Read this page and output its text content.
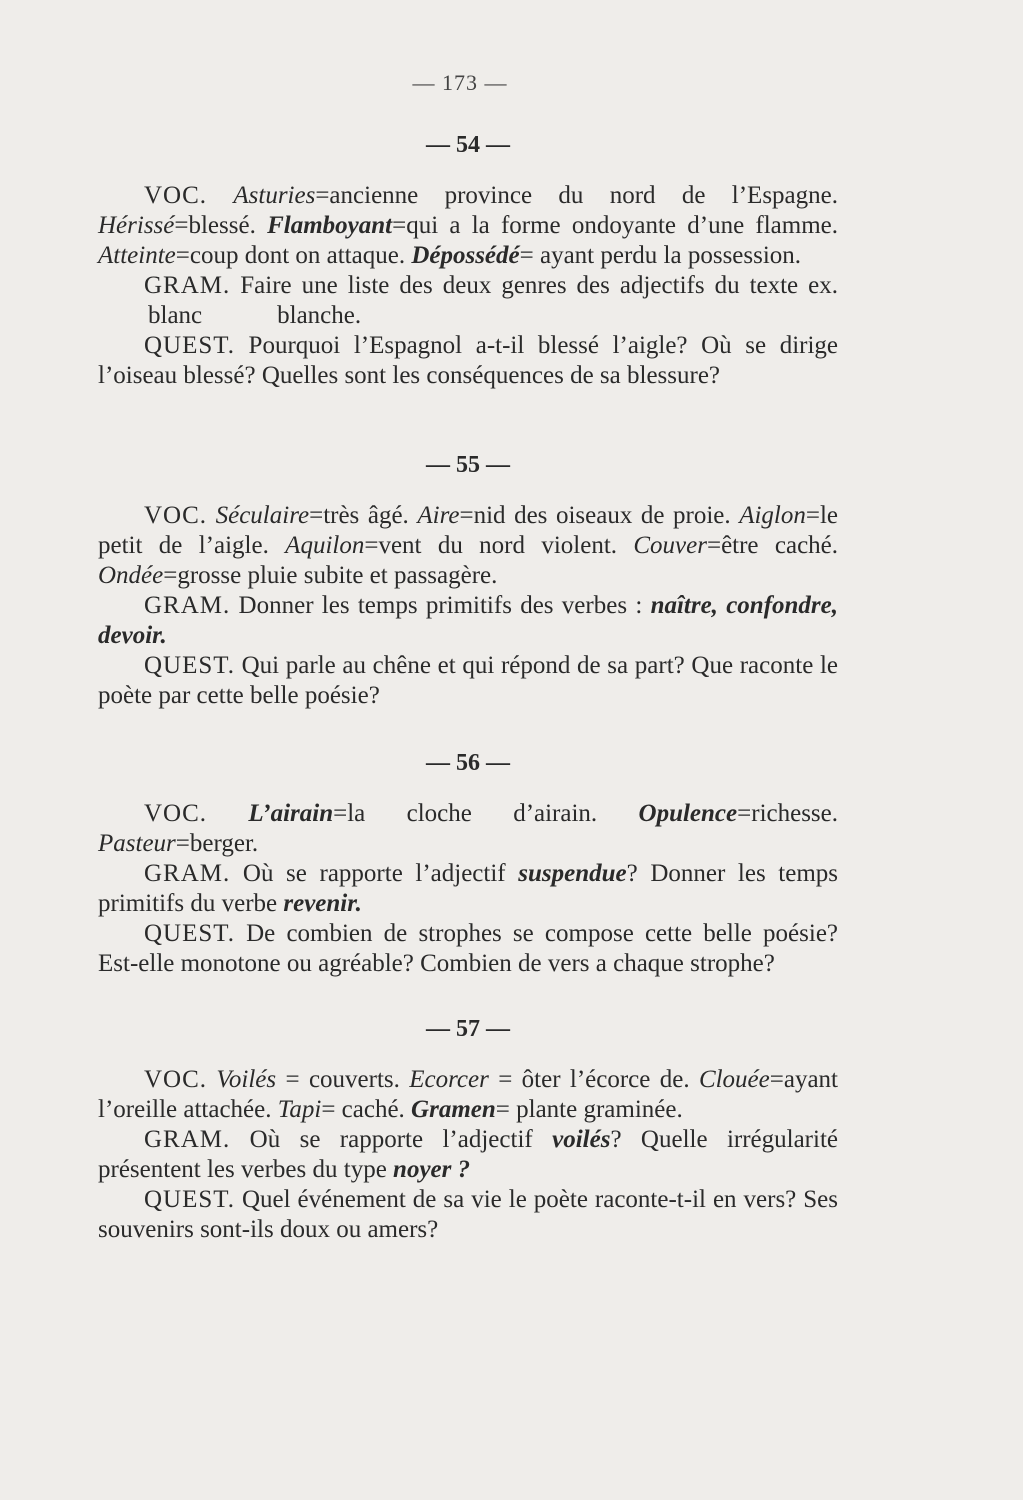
— 173 —
— 54 —

VOC. Asturies=ancienne province du nord de l’Espagne. Hérissé=blessé. Flamboyant=qui a la forme ondoyante d’une flamme. Atteinte=coup dont on attaque. Dépossédé= ayant perdu la possession.

GRAM. Faire une liste des deux genres des adjectifs du texte ex.         blanc	blanche.

QUEST. Pourquoi l’Espagnol a-t-il blessé l’aigle? Où se dirige l’oiseau blessé? Quelles sont les conséquences de sa blessure?

— 55 —

VOC. Séculaire=très âgé. Aire=nid des oiseaux de proie. Aiglon=le petit de l’aigle. Aquilon=vent du nord violent. Couver=être caché. Ondée=grosse pluie subite et passagère.

GRAM. Donner les temps primitifs des verbes : naître, confondre, devoir.

QUEST. Qui parle au chêne et qui répond de sa part? Que raconte le poète par cette belle poésie?

— 56 —

VOC. L’airain=la cloche d’airain. Opulence=richesse. Pasteur=berger.

GRAM. Où se rapporte l’adjectif suspendue? Donner les temps primitifs du verbe revenir.

QUEST. De combien de strophes se compose cette belle poésie? Est-elle monotone ou agréable? Combien de vers a chaque strophe?

— 57 —

VOC. Voilés = couverts. Ecorcer = ôter l’écorce de. Clouée=ayant l’oreille attachée. Tapi= caché. Gramen= plante graminée.

GRAM. Où se rapporte l’adjectif voilés? Quelle irrégularité présentent les verbes du type noyer ?

QUEST. Quel événement de sa vie le poète raconte-t-il en vers? Ses souvenirs sont-ils doux ou amers?
